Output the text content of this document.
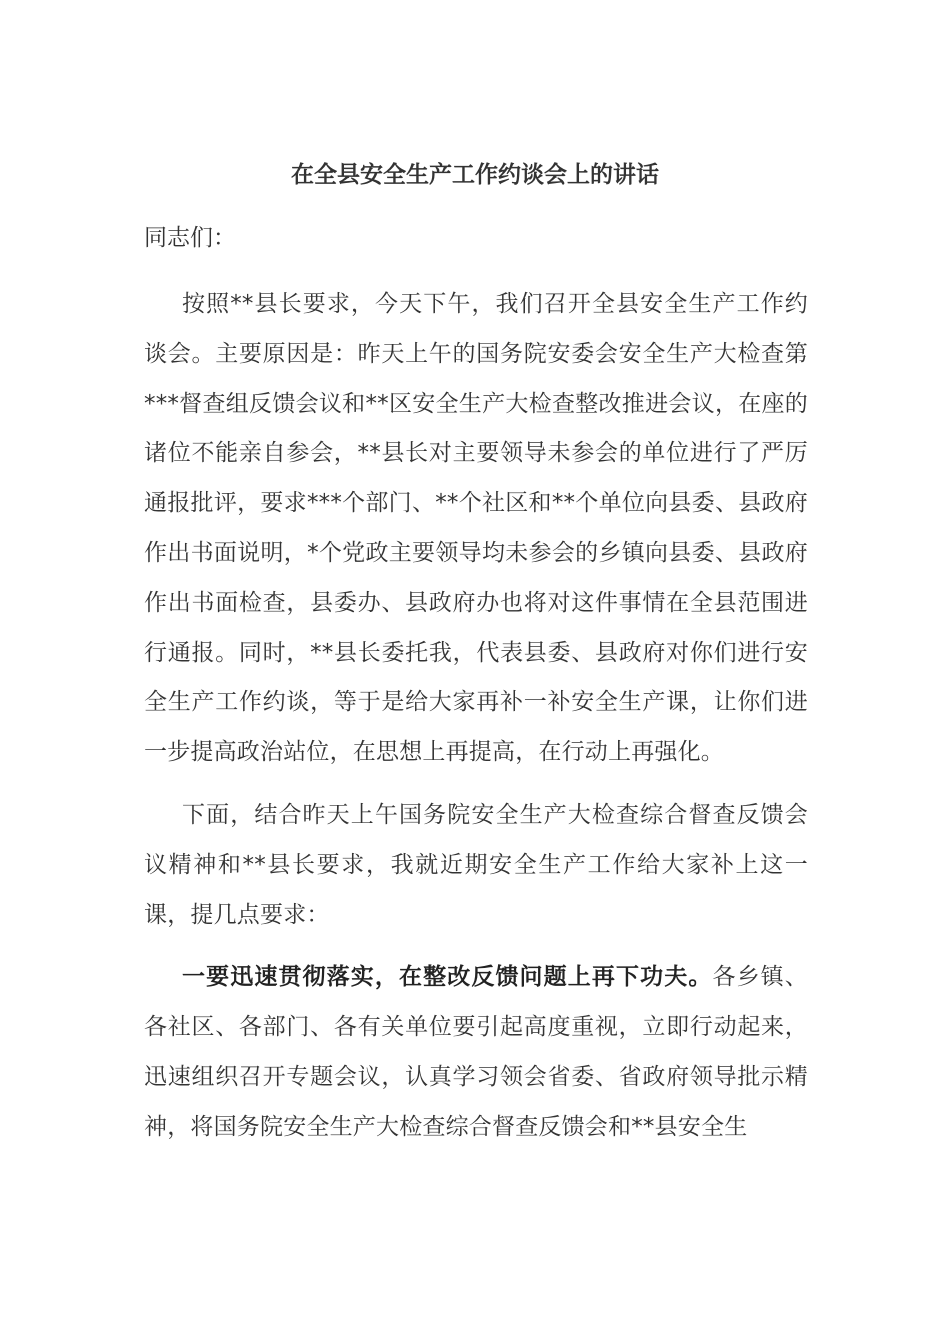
在全县安全生产工作约谈会上的讲话

同志们：

按照**县长要求，今天下午，我们召开全县安全生产工作约谈会。主要原因是：昨天上午的国务院安委会安全生产大检查第***督查组反馈会议和**区安全生产大检查整改推进会议，在座的诸位不能亲自参会，**县长对主要领导未参会的单位进行了严厉通报批评，要求***个部门、**个社区和**个单位向县委、县政府作出书面说明，*个党政主要领导均未参会的乡镇向县委、县政府作出书面检查，县委办、县政府办也将对这件事情在全县范围进行通报。同时，**县长委托我，代表县委、县政府对你们进行安全生产工作约谈，等于是给大家再补一补安全生产课，让你们进一步提高政治站位，在思想上再提高，在行动上再强化。

下面，结合昨天上午国务院安全生产大检查综合督查反馈会议精神和**县长要求，我就近期安全生产工作给大家补上这一课，提几点要求：

一要迅速贯彻落实，在整改反馈问题上再下功夫。各乡镇、各社区、各部门、各有关单位要引起高度重视，立即行动起来，迅速组织召开专题会议，认真学习领会省委、省政府领导批示精神，将国务院安全生产大检查综合督查反馈会和**县安全生
